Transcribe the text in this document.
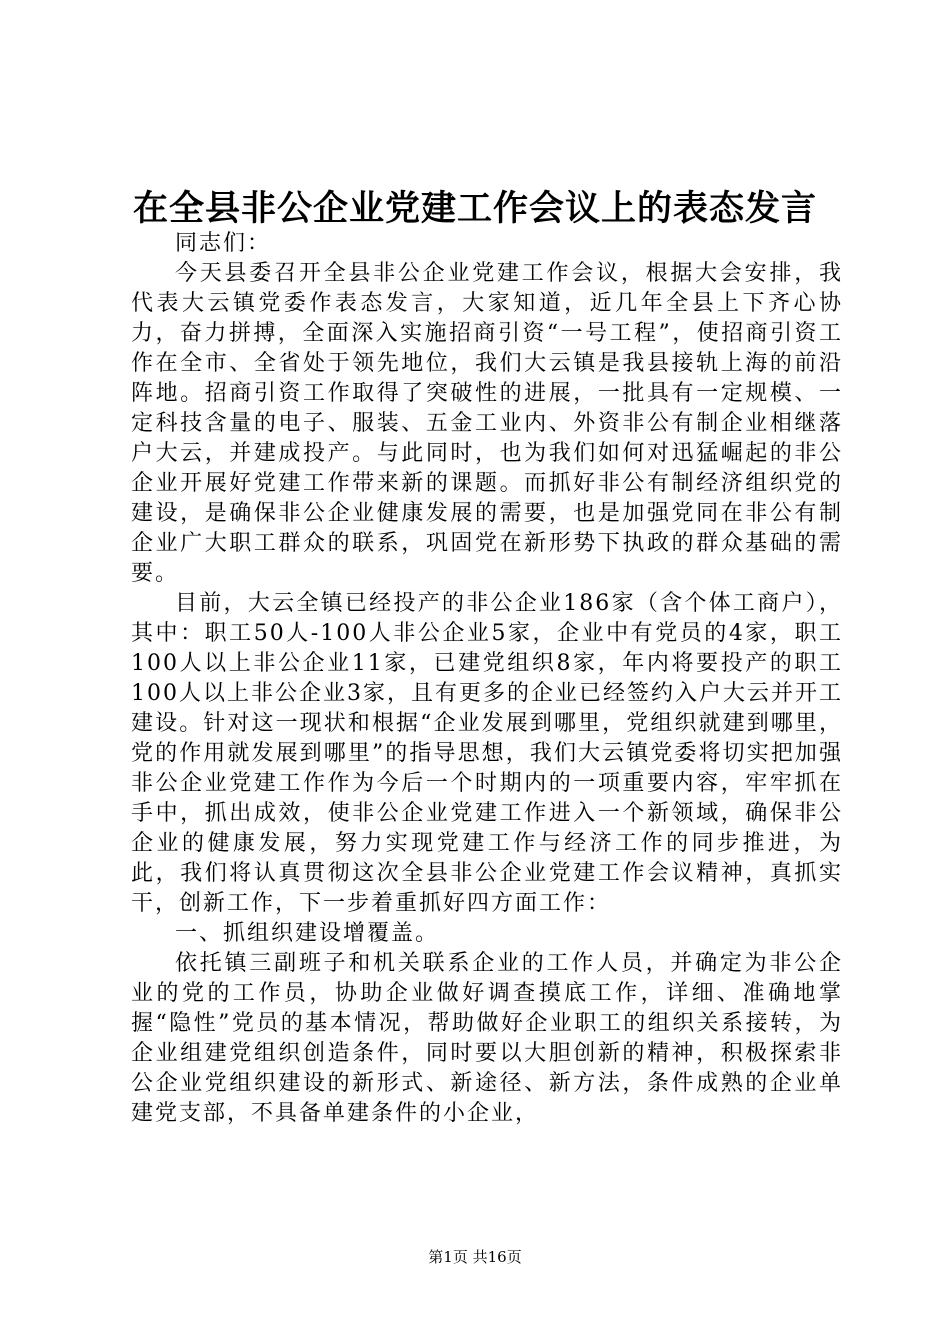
在全县非公企业党建工作会议上的表态发言

同志们：

今天县委召开全县非公企业党建工作会议，根据大会安排，我代表大云镇党委作表态发言，大家知道，近几年全县上下齐心协力，奋力拼搏，全面深入实施招商引资“一号工程”，使招商引资工作在全市、全省处于领先地位，我们大云镇是我县接轨上海的前沿阵地。招商引资工作取得了突破性的进展，一批具有一定规模、一定科技含量的电子、服装、五金工业内、外资非公有制企业相继落户大云，并建成投产。与此同时，也为我们如何对迅猛崛起的非公企业开展好党建工作带来新的课题。而抓好非公有制经济组织党的建设，是确保非公企业健康发展的需要，也是加强党同在非公有制企业广大职工群众的联系，巩固党在新形势下执政的群众基础的需要。

目前，大云全镇已经投产的非公企业186家（含个体工商户），其中：职工50人-100人非公企业5家，企业中有党员的4家，职工100人以上非公企业11家，已建党组织8家，年内将要投产的职工100人以上非公企业3家，且有更多的企业已经签约入户大云并开工建设。针对这一现状和根据“企业发展到哪里，党组织就建到哪里，党的作用就发展到哪里”的指导思想，我们大云镇党委将切实把加强非公企业党建工作作为今后一个时期内的一项重要内容，牢牢抓在手中，抓出成效，使非公企业党建工作进入一个新领域，确保非公企业的健康发展，努力实现党建工作与经济工作的同步推进，为此，我们将认真贯彻这次全县非公企业党建工作会议精神，真抓实干，创新工作，下一步着重抓好四方面工作：

一、抓组织建设增覆盖。

依托镇三副班子和机关联系企业的工作人员，并确定为非公企业的党的工作员，协助企业做好调查摸底工作，详细、准确地掌握“隐性”党员的基本情况，帮助做好企业职工的组织关系接转，为企业组建党组织创造条件，同时要以大胆创新的精神，积极探索非公企业党组织建设的新形式、新途径、新方法，条件成熟的企业单建党支部，不具备单建条件的小企业，

第1页 共16页
